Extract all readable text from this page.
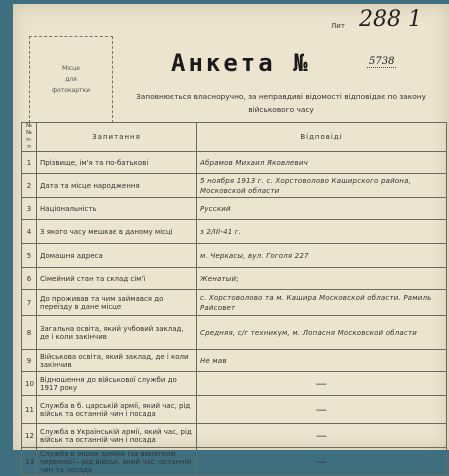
Місце
для
фотокартки
Лит 288 1
Анкета №	5738
Заповнюється власноручно, за неправдиві відомості відповідає по закону військового часу
№№ п-п	Запитання	Відповіді
1	Прізвище, ім'я та по-батькові	Абрамов Михаил Яковлевич
2	Дата та місце народження	5 ноября 1913 г. с. Хорстоволово Каширского района, Московской области
3	Національність	Русский
4	З якого часу мешкає в даному місці	з 2/III-41 г.
5	Домашня адреса	м. Черкасы, вул. Гоголя 227
6	Сімейний стан та склад сім'ї	Женатый;
7	До проживав та чим займався до переїзду в дане місце	с. Хорстоволово та м. Кашира Московской области. Рамиль Райсовет
8	Загальна освіта, який учбовий заклад, де і коли закінчив	Средняя, с/г техникум, м. Лопасня Московской области
9	Військова освіта, який заклад, де і коли закінчив	Не мав
10	Відношення до військової служби до 1917 року	—
11	Служба в б. царській армії, який час, рід військ та останній чин і посада	—
12	Служба в Українській армії, який час, рід військ та останній чин і посада	—
13	Служба в інших арміях (за винятком червоної)—рід військ, який час, останній чин та посада	—
